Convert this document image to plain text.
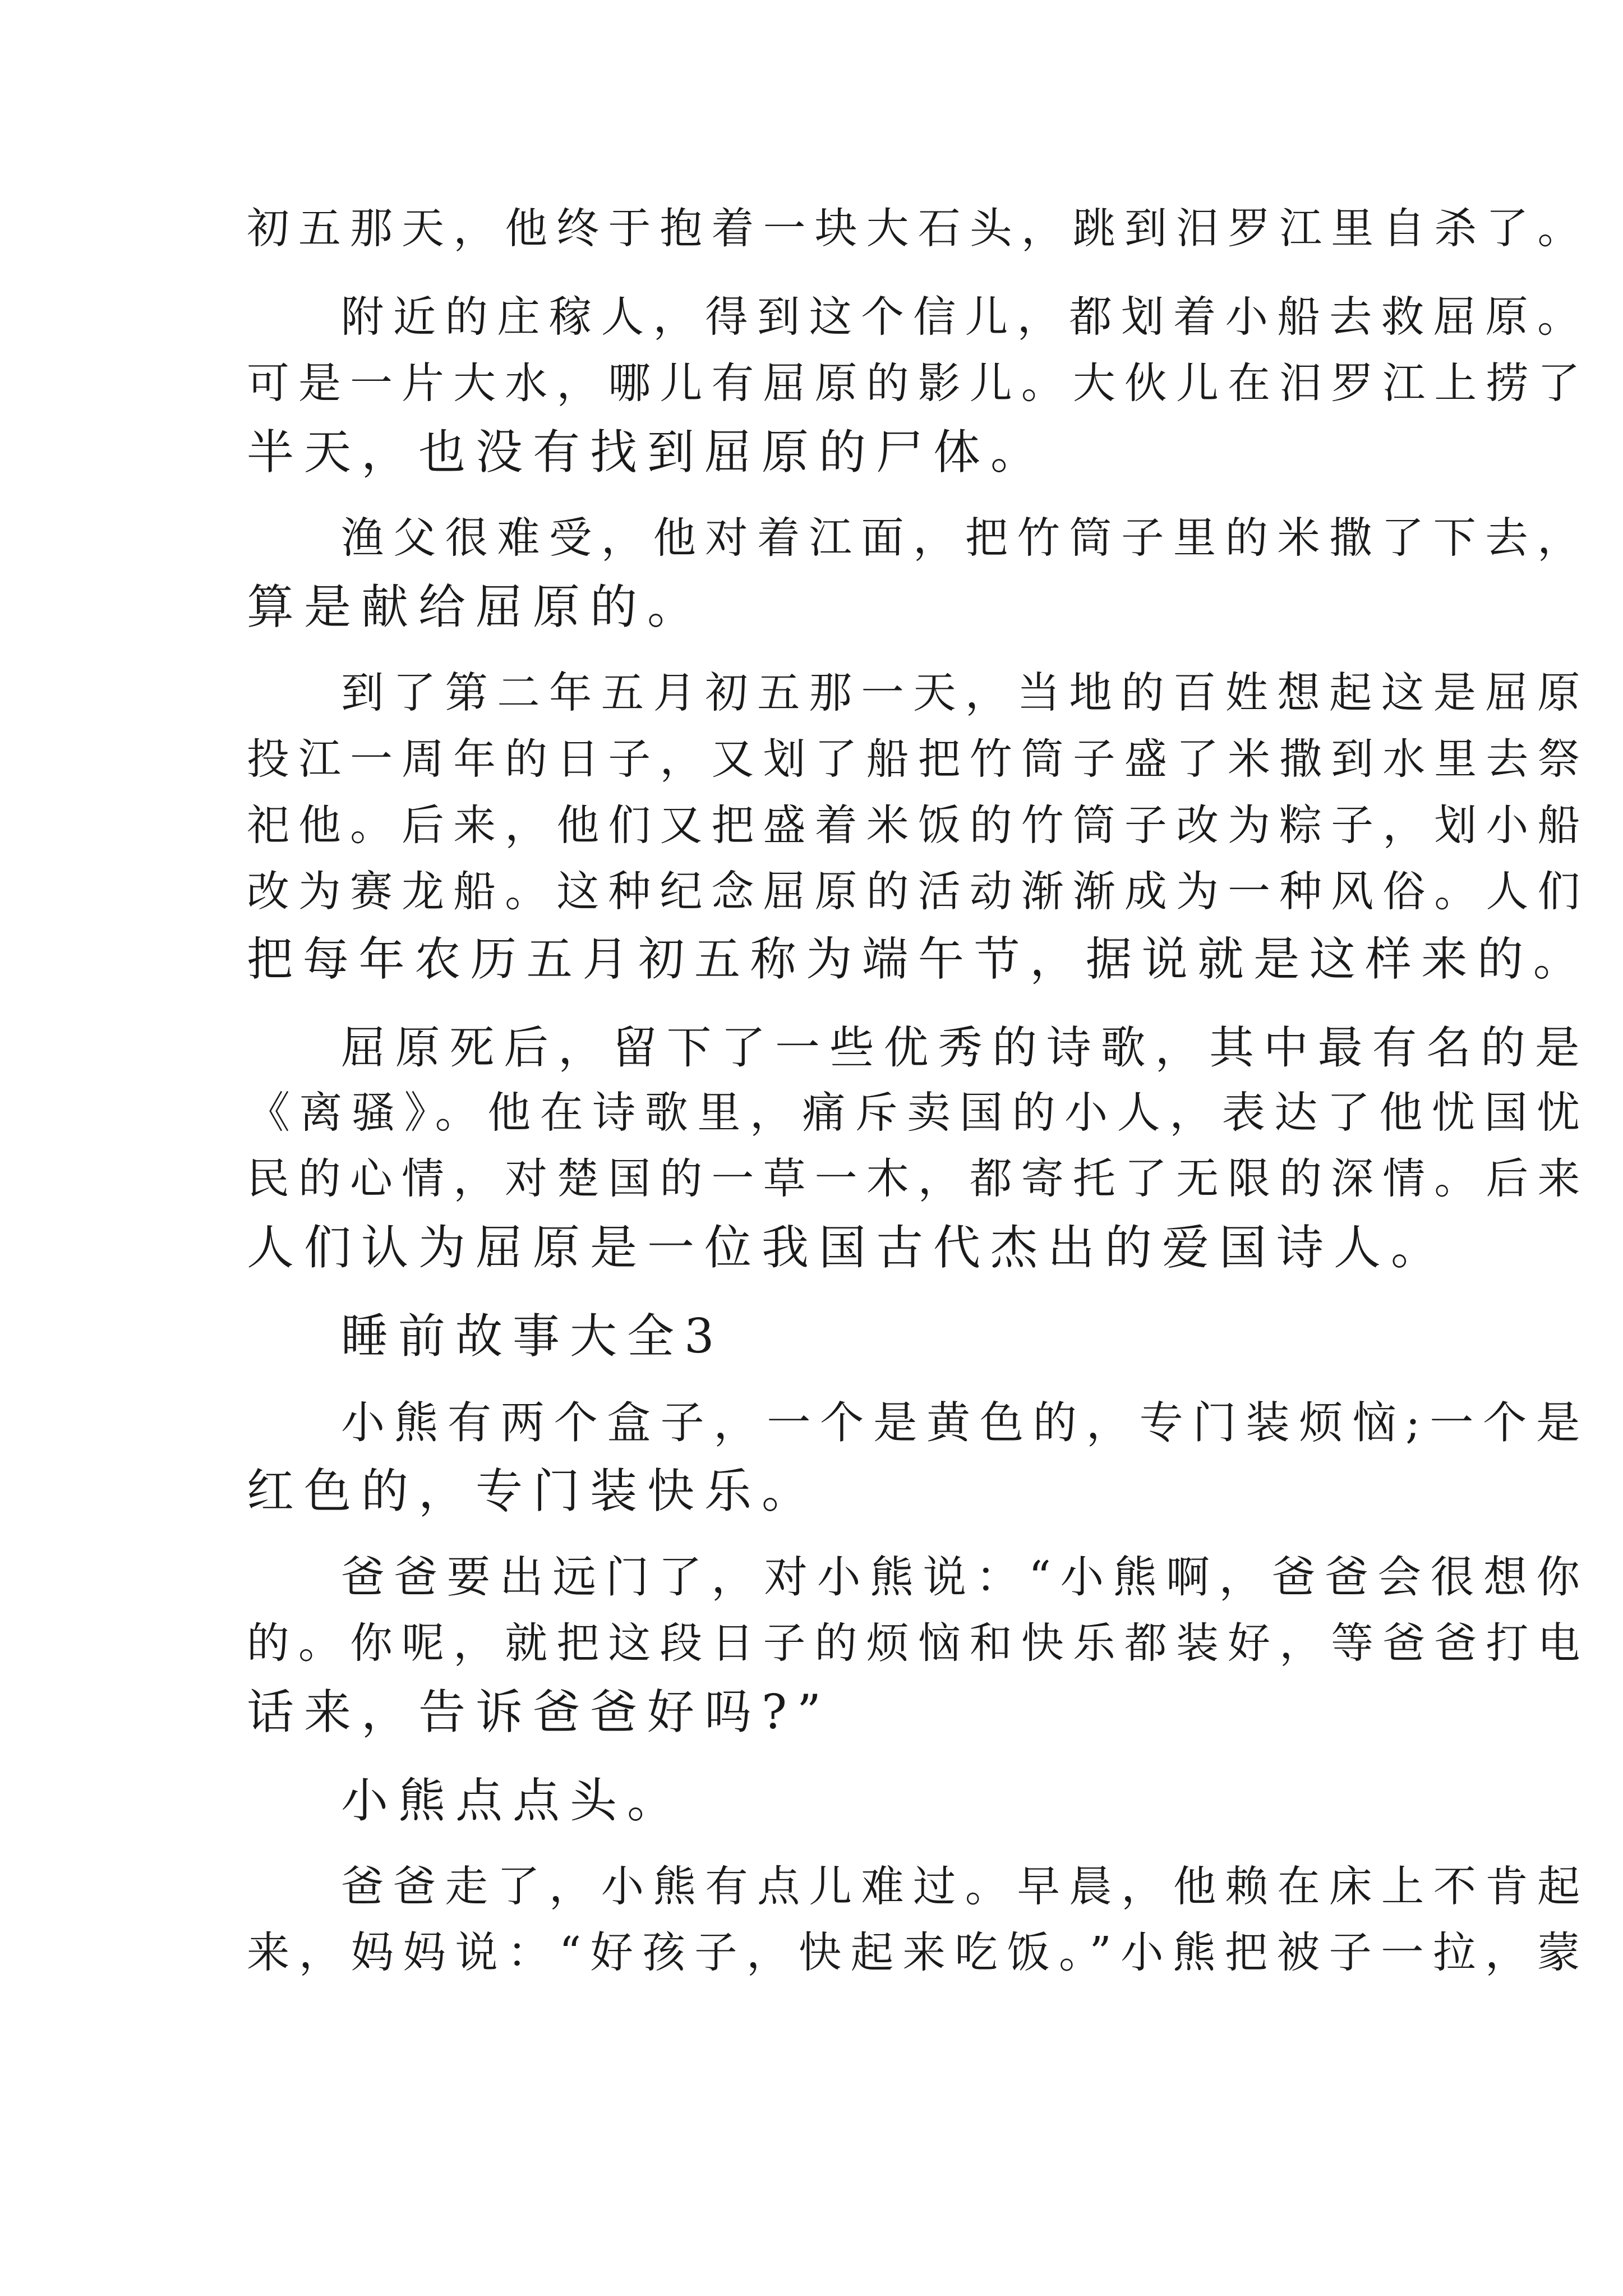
初五那天，他终于抱着一块大石头，跳到汨罗江里自杀了。
附近的庄稼人，得到这个信儿，都划着小船去救屈原。
可是一片大水，哪儿有屈原的影儿。大伙儿在汨罗江上捞了
半天，也没有找到屈原的尸体。
渔父很难受，他对着江面，把竹筒子里的米撒了下去，
算是献给屈原的。
到了第二年五月初五那一天，当地的百姓想起这是屈原
投江一周年的日子，又划了船把竹筒子盛了米撒到水里去祭
祀他。后来，他们又把盛着米饭的竹筒子改为粽子，划小船
改为赛龙船。这种纪念屈原的活动渐渐成为一种风俗。人们
把每年农历五月初五称为端午节，据说就是这样来的。
屈原死后，留下了一些优秀的诗歌，其中最有名的是
《离骚》。他在诗歌里，痛斥卖国的小人，表达了他忧国忧
民的心情，对楚国的一草一木，都寄托了无限的深情。后来
人们认为屈原是一位我国古代杰出的爱国诗人。
睡前故事大全3
小熊有两个盒子，一个是黄色的，专门装烦恼;一个是
红色的，专门装快乐。
爸爸要出远门了，对小熊说：“小熊啊，爸爸会很想你
的。你呢，就把这段日子的烦恼和快乐都装好，等爸爸打电
话来，告诉爸爸好吗?”
小熊点点头。
爸爸走了，小熊有点儿难过。早晨，他赖在床上不肯起
来，妈妈说：“好孩子，快起来吃饭。”小熊把被子一拉，蒙
